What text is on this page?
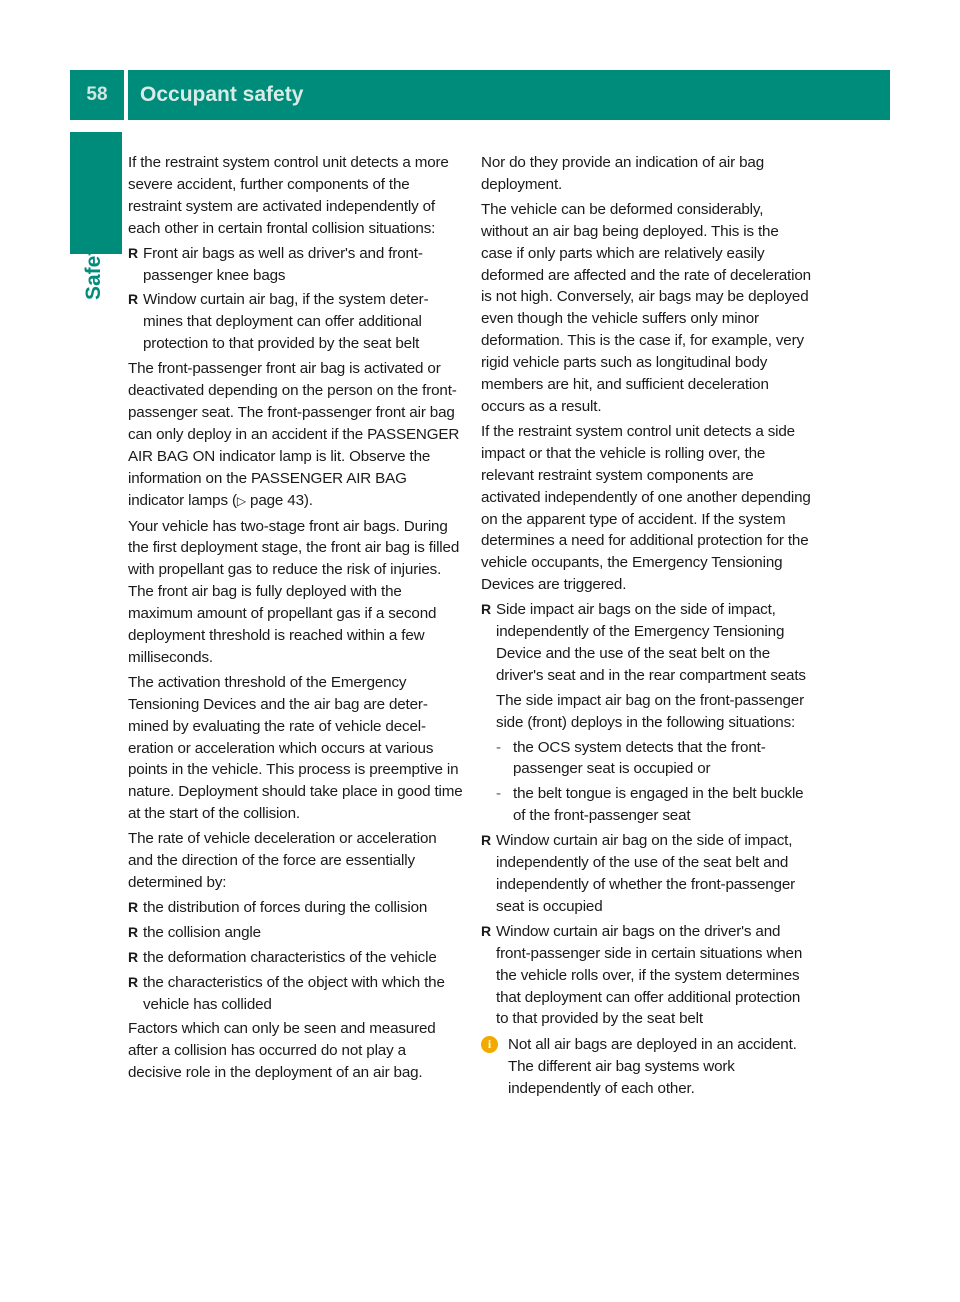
58 Occupant safety
Safety

If the restraint system control unit detects a more severe accident, further components of the restraint system are activated independently of each other in certain frontal collision situations:

R Front air bags as well as driver's and front-passenger knee bags
R Window curtain air bag, if the system determines that deployment can offer additional protection to that provided by the seat belt

The front-passenger front air bag is activated or deactivated depending on the person on the front-passenger seat. The front-passenger front air bag can only deploy in an accident if the PASSENGER AIR BAG ON indicator lamp is lit. Observe the information on the PASSENGER AIR BAG indicator lamps (▷ page 43).

Your vehicle has two-stage front air bags. During the first deployment stage, the front air bag is filled with propellant gas to reduce the risk of injuries. The front air bag is fully deployed with the maximum amount of propellant gas if a second deployment threshold is reached within a few milliseconds.

The activation threshold of the Emergency Tensioning Devices and the air bag are determined by evaluating the rate of vehicle deceleration or acceleration which occurs at various points in the vehicle. This process is preemptive in nature. Deployment should take place in good time at the start of the collision.

The rate of vehicle deceleration or acceleration and the direction of the force are essentially determined by:

R the distribution of forces during the collision
R the collision angle
R the deformation characteristics of the vehicle
R the characteristics of the object with which the vehicle has collided

Factors which can only be seen and measured after a collision has occurred do not play a decisive role in the deployment of an air bag.

Nor do they provide an indication of air bag deployment.

The vehicle can be deformed considerably, without an air bag being deployed. This is the case if only parts which are relatively easily deformed are affected and the rate of deceleration is not high. Conversely, air bags may be deployed even though the vehicle suffers only minor deformation. This is the case if, for example, very rigid vehicle parts such as longitudinal body members are hit, and sufficient deceleration occurs as a result.

If the restraint system control unit detects a side impact or that the vehicle is rolling over, the relevant restraint system components are activated independently of one another depending on the apparent type of accident. If the system determines a need for additional protection for the vehicle occupants, the Emergency Tensioning Devices are triggered.

R Side impact air bags on the side of impact, independently of the Emergency Tensioning Device and the use of the seat belt on the driver's seat and in the rear compartment seats

The side impact air bag on the front-passenger side (front) deploys in the following situations:

- the OCS system detects that the front-passenger seat is occupied or
- the belt tongue is engaged in the belt buckle of the front-passenger seat
R Window curtain air bag on the side of impact, independently of the use of the seat belt and independently of whether the front-passenger seat is occupied
R Window curtain air bags on the driver's and front-passenger side in certain situations when the vehicle rolls over, if the system determines that deployment can offer additional protection to that provided by the seat belt
i	Not all air bags are deployed in an accident. The different air bag systems work independently of each other.
